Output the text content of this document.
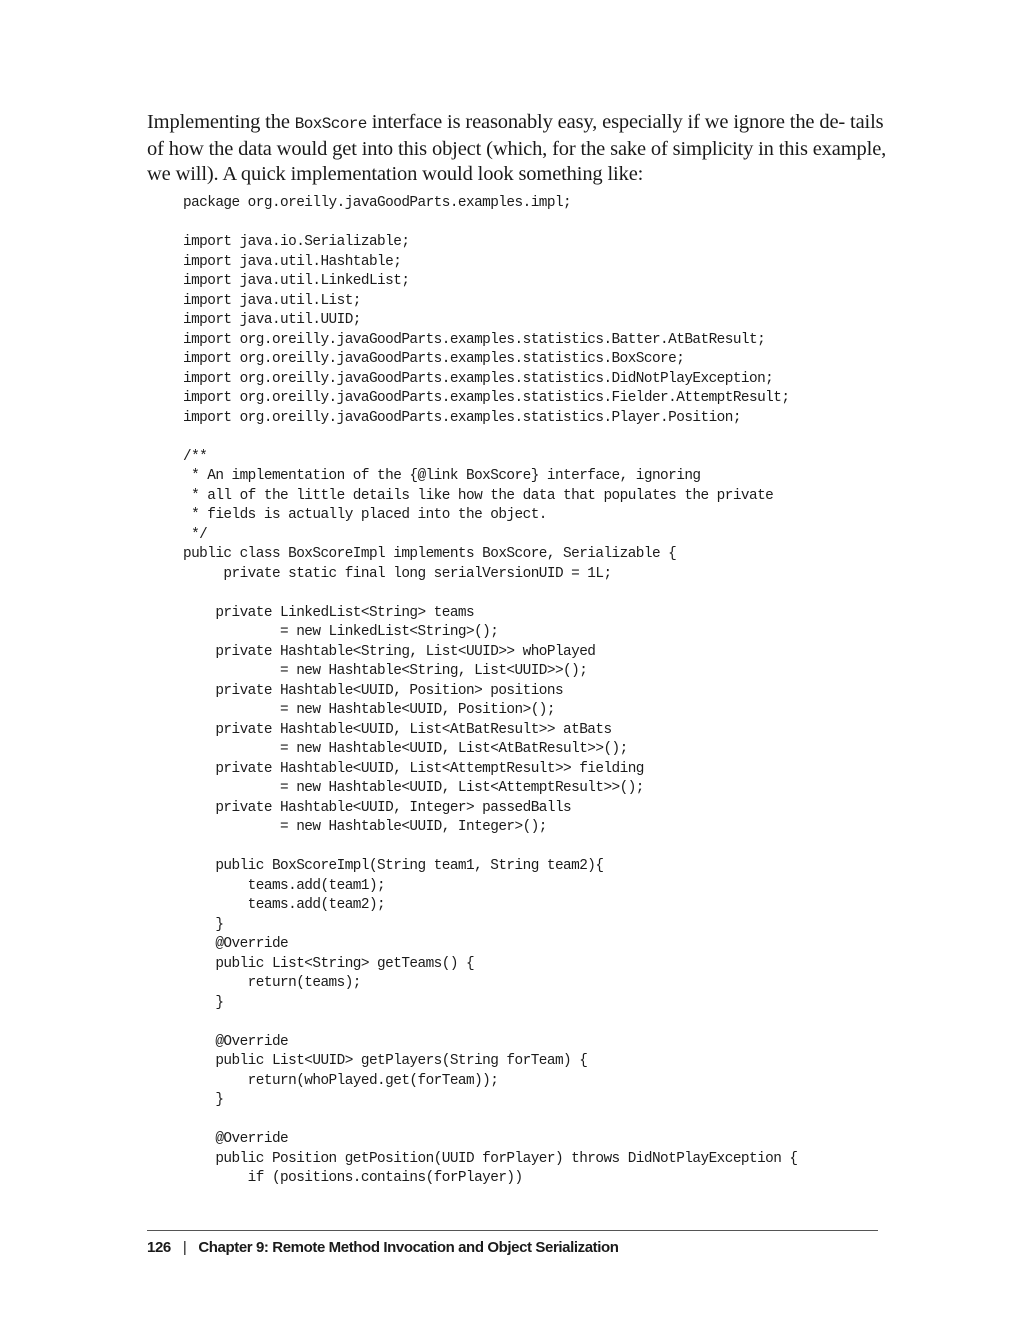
Implementing the BoxScore interface is reasonably easy, especially if we ignore the de- tails of how the data would get into this object (which, for the sake of simplicity in this example, we will). A quick implementation would look something like:

package org.oreilly.javaGoodParts.examples.impl;
import java.io.Serializable;
import java.util.Hashtable;
import java.util.LinkedList;
import java.util.List;
import java.util.UUID;
import org.oreilly.javaGoodParts.examples.statistics.Batter.AtBatResult;
import org.oreilly.javaGoodParts.examples.statistics.BoxScore;
import org.oreilly.javaGoodParts.examples.statistics.DidNotPlayException;
import org.oreilly.javaGoodParts.examples.statistics.Fielder.AttemptResult;
import org.oreilly.javaGoodParts.examples.statistics.Player.Position;
/**
* An implementation of the {@link BoxScore} interface, ignoring
* all of the little details like how the data that populates the private
* fields is actually placed into the object.
*/
public class BoxScoreImpl implements BoxScore, Serializable {
private static final long serialVersionUID = 1L;
private LinkedList<String> teams
= new LinkedList<String>();
private Hashtable<String, List<UUID>> whoPlayed
= new Hashtable<String, List<UUID>>();
private Hashtable<UUID, Position> positions
= new Hashtable<UUID, Position>();
private Hashtable<UUID, List<AtBatResult>> atBats
= new Hashtable<UUID, List<AtBatResult>>();
private Hashtable<UUID, List<AttemptResult>> fielding
= new Hashtable<UUID, List<AttemptResult>>();
private Hashtable<UUID, Integer> passedBalls
= new Hashtable<UUID, Integer>();
public BoxScoreImpl(String team1, String team2){
teams.add(team1);
teams.add(team2);
}
@Override
public List<String> getTeams() {
return(teams);
}
@Override
public List<UUID> getPlayers(String forTeam) {
return(whoPlayed.get(forTeam));
}
@Override
public Position getPosition(UUID forPlayer) throws DidNotPlayException {
if (positions.contains(forPlayer))
126 | Chapter 9: Remote Method Invocation and Object Serialization
